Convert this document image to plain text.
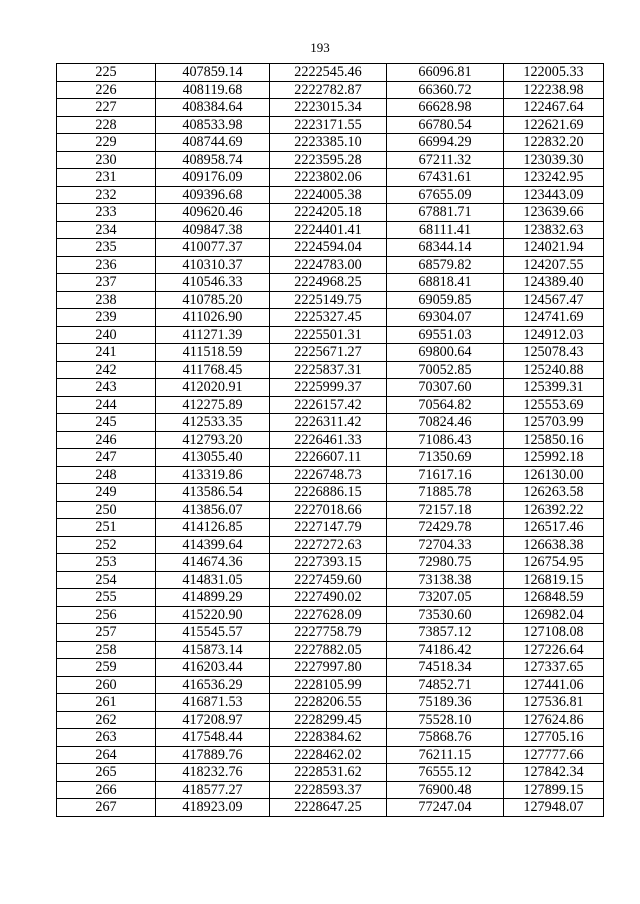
193
225	407859.14	2222545.46	66096.81	122005.33
226	408119.68	2222782.87	66360.72	122238.98
227	408384.64	2223015.34	66628.98	122467.64
228	408533.98	2223171.55	66780.54	122621.69
229	408744.69	2223385.10	66994.29	122832.20
230	408958.74	2223595.28	67211.32	123039.30
231	409176.09	2223802.06	67431.61	123242.95
232	409396.68	2224005.38	67655.09	123443.09
233	409620.46	2224205.18	67881.71	123639.66
234	409847.38	2224401.41	68111.41	123832.63
235	410077.37	2224594.04	68344.14	124021.94
236	410310.37	2224783.00	68579.82	124207.55
237	410546.33	2224968.25	68818.41	124389.40
238	410785.20	2225149.75	69059.85	124567.47
239	411026.90	2225327.45	69304.07	124741.69
240	411271.39	2225501.31	69551.03	124912.03
241	411518.59	2225671.27	69800.64	125078.43
242	411768.45	2225837.31	70052.85	125240.88
243	412020.91	2225999.37	70307.60	125399.31
244	412275.89	2226157.42	70564.82	125553.69
245	412533.35	2226311.42	70824.46	125703.99
246	412793.20	2226461.33	71086.43	125850.16
247	413055.40	2226607.11	71350.69	125992.18
248	413319.86	2226748.73	71617.16	126130.00
249	413586.54	2226886.15	71885.78	126263.58
250	413856.07	2227018.66	72157.18	126392.22
251	414126.85	2227147.79	72429.78	126517.46
252	414399.64	2227272.63	72704.33	126638.38
253	414674.36	2227393.15	72980.75	126754.95
254	414831.05	2227459.60	73138.38	126819.15
255	414899.29	2227490.02	73207.05	126848.59
256	415220.90	2227628.09	73530.60	126982.04
257	415545.57	2227758.79	73857.12	127108.08
258	415873.14	2227882.05	74186.42	127226.64
259	416203.44	2227997.80	74518.34	127337.65
260	416536.29	2228105.99	74852.71	127441.06
261	416871.53	2228206.55	75189.36	127536.81
262	417208.97	2228299.45	75528.10	127624.86
263	417548.44	2228384.62	75868.76	127705.16
264	417889.76	2228462.02	76211.15	127777.66
265	418232.76	2228531.62	76555.12	127842.34
266	418577.27	2228593.37	76900.48	127899.15
267	418923.09	2228647.25	77247.04	127948.07
